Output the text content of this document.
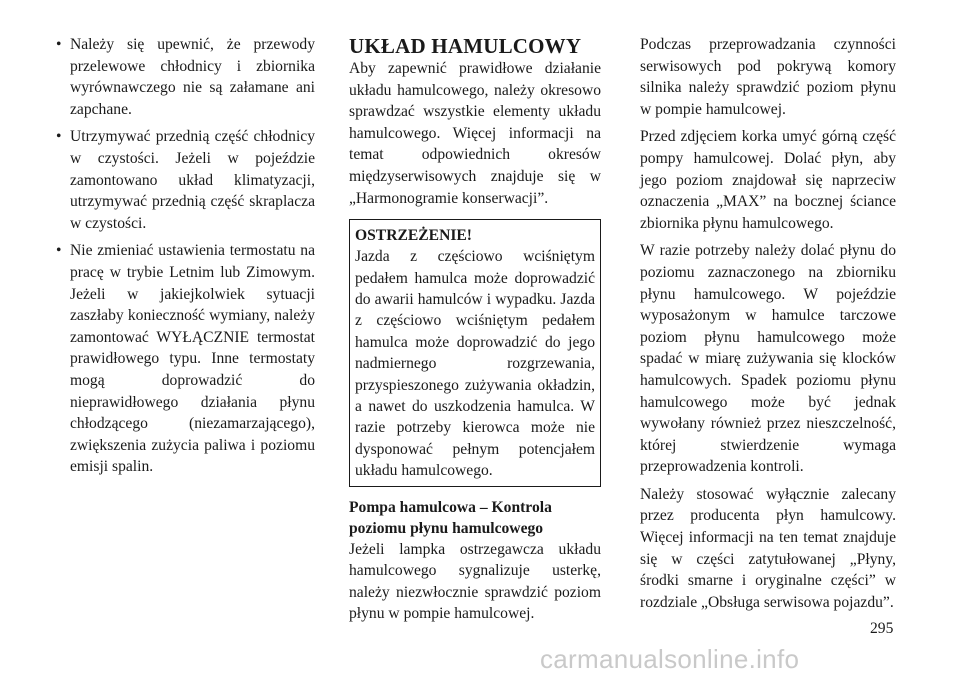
• Należy się upewnić, że przewody przelewowe chłodnicy i zbiornika wyrównawczego nie są załamane ani zapchane.
• Utrzymywać przednią część chłodnicy w czystości. Jeżeli w pojeździe zamontowano układ klimatyzacji, utrzymywać przednią część skraplacza w czystości.
• Nie zmieniać ustawienia termostatu na pracę w trybie Letnim lub Zimowym. Jeżeli w jakiejkolwiek sytuacji zaszłaby konieczność wymiany, należy zamontować WYŁĄCZNIE termostat prawidłowego typu. Inne termostaty mogą doprowadzić do nieprawidłowego działania płynu chłodzącego (niezamarzającego), zwiększenia zużycia paliwa i poziomu emisji spalin.
UKŁAD HAMULCOWY

Aby zapewnić prawidłowe działanie układu hamulcowego, należy okresowo sprawdzać wszystkie elementy układu hamulcowego. Więcej informacji na temat odpowiednich okresów międzyserwisowych znajduje się w „Harmonogramie konserwacji”.

OSTRZEŻENIE!

Jazda z częściowo wciśniętym pedałem hamulca może doprowadzić do awarii hamulców i wypadku. Jazda z częściowo wciśniętym pedałem hamulca może doprowadzić do jego nadmiernego rozgrzewania, przyspieszonego zużywania okładzin, a nawet do uszkodzenia hamulca. W razie potrzeby kierowca może nie dysponować pełnym potencjałem układu hamulcowego.

Pompa hamulcowa – Kontrola
poziomu płynu hamulcowego

Jeżeli lampka ostrzegawcza układu hamulcowego sygnalizuje usterkę, należy niezwłocznie sprawdzić poziom płynu w pompie hamulcowej.

Podczas przeprowadzania czynności serwisowych pod pokrywą komory silnika należy sprawdzić poziom płynu w pompie hamulcowej.

Przed zdjęciem korka umyć górną część pompy hamulcowej. Dolać płyn, aby jego poziom znajdował się naprzeciw oznaczenia „MAX” na bocznej ściance zbiornika płynu hamulcowego.

W razie potrzeby należy dolać płynu do poziomu zaznaczonego na zbiorniku płynu hamulcowego. W pojeździe wyposażonym w hamulce tarczowe poziom płynu hamulcowego może spadać w miarę zużywania się klocków hamulcowych. Spadek poziomu płynu hamulcowego może być jednak wywołany również przez nieszczelność, której stwierdzenie wymaga przeprowadzenia kontroli.

Należy stosować wyłącznie zalecany przez producenta płyn hamulcowy. Więcej informacji na ten temat znajduje się w części zatytułowanej „Płyny, środki smarne i oryginalne części” w rozdziale „Obsługa serwisowa pojazdu”.

295
carmanualsonline.info
